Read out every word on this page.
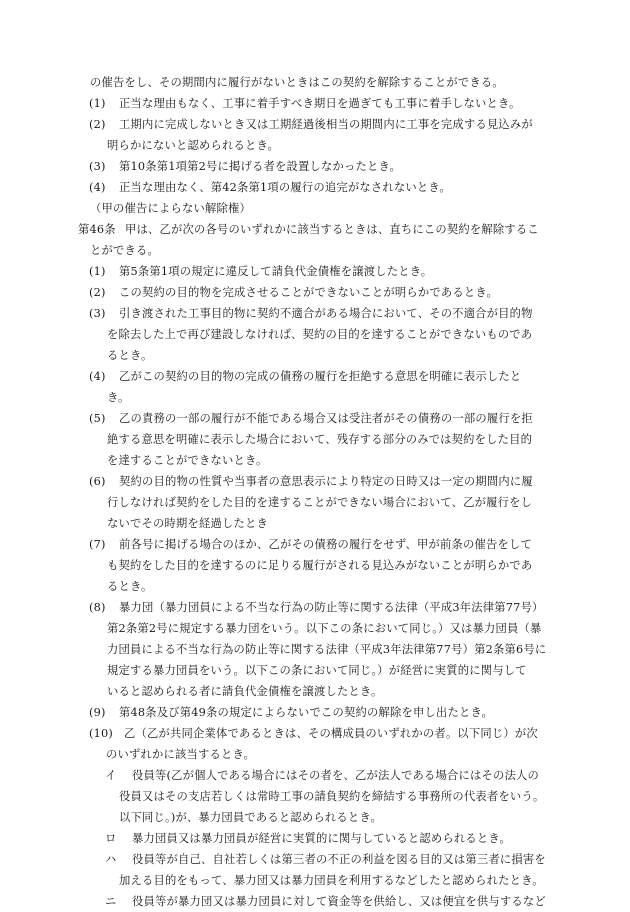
の催告をし、その期間内に履行がないときはこの契約を解除することができる。
(1) 正当な理由もなく、工事に着手すべき期日を過ぎても工事に着手しないとき。
(2) 工期内に完成しないとき又は工期経過後相当の期間内に工事を完成する見込みが
明らかにないと認められるとき。
(3) 第10条第1項第2号に掲げる者を設置しなかったとき。
(4) 正当な理由なく、第42条第1項の履行の追完がなされないとき。
（甲の催告によらない解除権）
第46条 甲は、乙が次の各号のいずれかに該当するときは、直ちにこの契約を解除するこ
とができる。
(1) 第5条第1項の規定に違反して請負代金債権を譲渡したとき。
(2) この契約の目的物を完成させることができないことが明らかであるとき。
(3) 引き渡された工事目的物に契約不適合がある場合において、その不適合が目的物
を除去した上で再び建設しなければ、契約の目的を達することができないものであ
るとき。
(4) 乙がこの契約の目的物の完成の債務の履行を拒絶する意思を明確に表示したと
き。
(5) 乙の責務の一部の履行が不能である場合又は受注者がその債務の一部の履行を拒
絶する意思を明確に表示した場合において、残存する部分のみでは契約をした目的
を達することができないとき。
(6) 契約の目的物の性質や当事者の意思表示により特定の日時又は一定の期間内に履
行しなければ契約をした目的を達することができない場合において、乙が履行をし
ないでその時期を経過したとき
(7) 前各号に掲げる場合のほか、乙がその債務の履行をせず、甲が前条の催告をして
も契約をした目的を達するのに足りる履行がされる見込みがないことが明らかであ
るとき。
(8) 暴力団（暴力団員による不当な行為の防止等に関する法律（平成3年法律第77号）
第2条第2号に規定する暴力団をいう。以下この条において同じ。）又は暴力団員（暴
力団員による不当な行為の防止等に関する法律（平成3年法律第77号）第2条第6号に
規定する暴力団員をいう。以下この条において同じ。）が経営に実質的に関与して
いると認められる者に請負代金債権を譲渡したとき。
(9) 第48条及び第49条の規定によらないでこの契約の解除を申し出たとき。
(10) 乙（乙が共同企業体であるときは、その構成員のいずれかの者。以下同じ）が次
のいずれかに該当するとき。
イ 役員等(乙が個人である場合にはその者を、乙が法人である場合にはその法人の
役員又はその支店若しくは常時工事の請負契約を締結する事務所の代表者をいう。
以下同じ。)が、暴力団員であると認められるとき。
ロ 暴力団員又は暴力団員が経営に実質的に関与していると認められるとき。
ハ 役員等が自己、自社若しくは第三者の不正の利益を図る目的又は第三者に損害を
加える目的をもって、暴力団又は暴力団員を利用するなどしたと認められたとき。
ニ 役員等が暴力団又は暴力団員に対して資金等を供給し、又は便宜を供与するなど
